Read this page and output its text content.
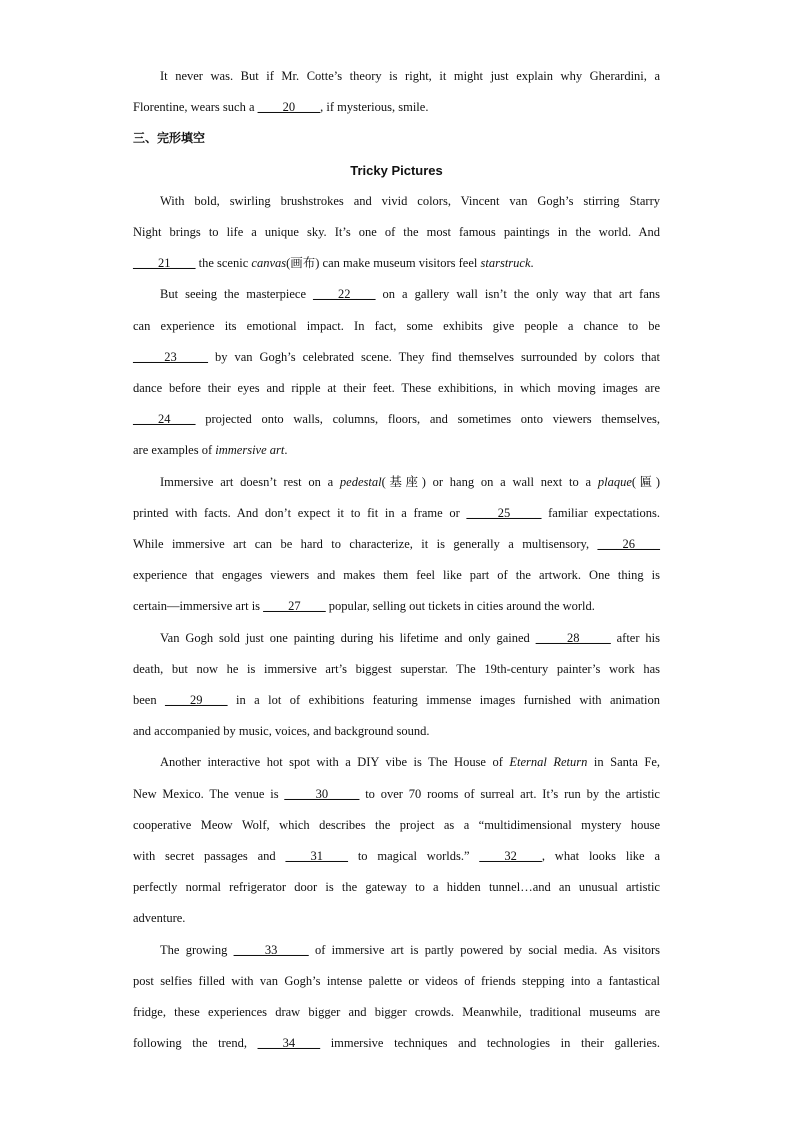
It never was. But if Mr. Cotte’s theory is right, it might just explain why Gherardini, a
Florentine, wears such a ____20____, if mysterious, smile.

三、完形填空

Tricky Pictures

With bold, swirling brushstrokes and vivid colors, Vincent van Gogh’s stirring Starry
Night brings to life a unique sky. It’s one of the most famous paintings in the world. And
____21____ the scenic canvas(画布) can make museum visitors feel starstruck.
But seeing the masterpiece ____22____ on a gallery wall isn’t the only way that art fans
can experience its emotional impact. In fact, some exhibits give people a chance to be
_____23_____ by van Gogh’s celebrated scene. They find themselves surrounded by colors that
dance before their eyes and ripple at their feet. These exhibitions, in which moving images are
____24____ projected onto walls, columns, floors, and sometimes onto viewers themselves,
are examples of immersive art.
Immersive art doesn’t rest on a pedestal(基座) or hang on a wall next to a plaque(匾)
printed with facts. And don’t expect it to fit in a frame or _____25_____ familiar expectations.
While immersive art can be hard to characterize, it is generally a multisensory, ____26____
experience that engages viewers and makes them feel like part of the artwork. One thing is
certain—immersive art is ____27____ popular, selling out tickets in cities around the world.
Van Gogh sold just one painting during his lifetime and only gained _____28_____ after his
death, but now he is immersive art’s biggest superstar. The 19th-century painter’s work has
been ____29____ in a lot of exhibitions featuring immense images furnished with animation
and accompanied by music, voices, and background sound.
Another interactive hot spot with a DIY vibe is The House of Eternal Return in Santa Fe,
New Mexico. The venue is _____30_____ to over 70 rooms of surreal art. It’s run by the artistic
cooperative Meow Wolf, which describes the project as a “multidimensional mystery house
with secret passages and ____31____ to magical worlds.” ____32____, what looks like a
perfectly normal refrigerator door is the gateway to a hidden tunnel…and an unusual artistic
adventure.
The growing _____33_____ of immersive art is partly powered by social media. As visitors
post selfies filled with van Gogh’s intense palette or videos of friends stepping into a fantastical
fridge, these experiences draw bigger and bigger crowds. Meanwhile, traditional museums are
following the trend, ____34____ immersive techniques and technologies in their galleries.
